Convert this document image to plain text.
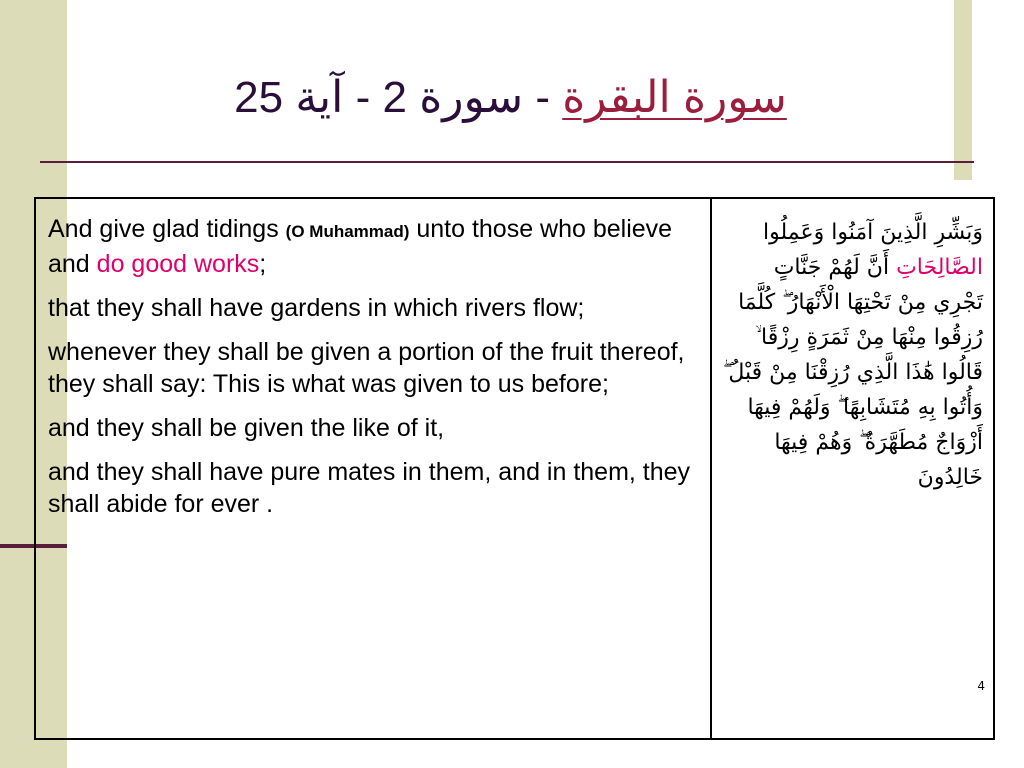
سورة البقرة - سورة 2 - آية 25

And give glad tidings (O Muhammad) unto those who believe and do good works;

that they shall have gardens in which rivers flow;

whenever they shall be given a portion of the fruit thereof, they shall say: This is what was given to us before;

and they shall be given the like of it,

and they shall have pure mates in them, and in them, they shall abide for ever .

وَبَشِّرِ الَّذِينَ آمَنُوا وَعَمِلُوا الصَّالِحَاتِ أَنَّ لَهُمْ جَنَّاتٍ تَجْرِي مِنْ تَحْتِهَا الْأَنْهَارُ ۖ كُلَّمَا رُزِقُوا مِنْهَا مِنْ ثَمَرَةٍ رِزْقًا ۙ قَالُوا هَٰذَا الَّذِي رُزِقْنَا مِنْ قَبْلُ ۖ وَأُتُوا بِهِ مُتَشَابِهًا ۖ وَلَهُمْ فِيهَا أَزْوَاجٌ مُطَهَّرَةٌ ۖ وَهُمْ فِيهَا خَالِدُونَ
4
